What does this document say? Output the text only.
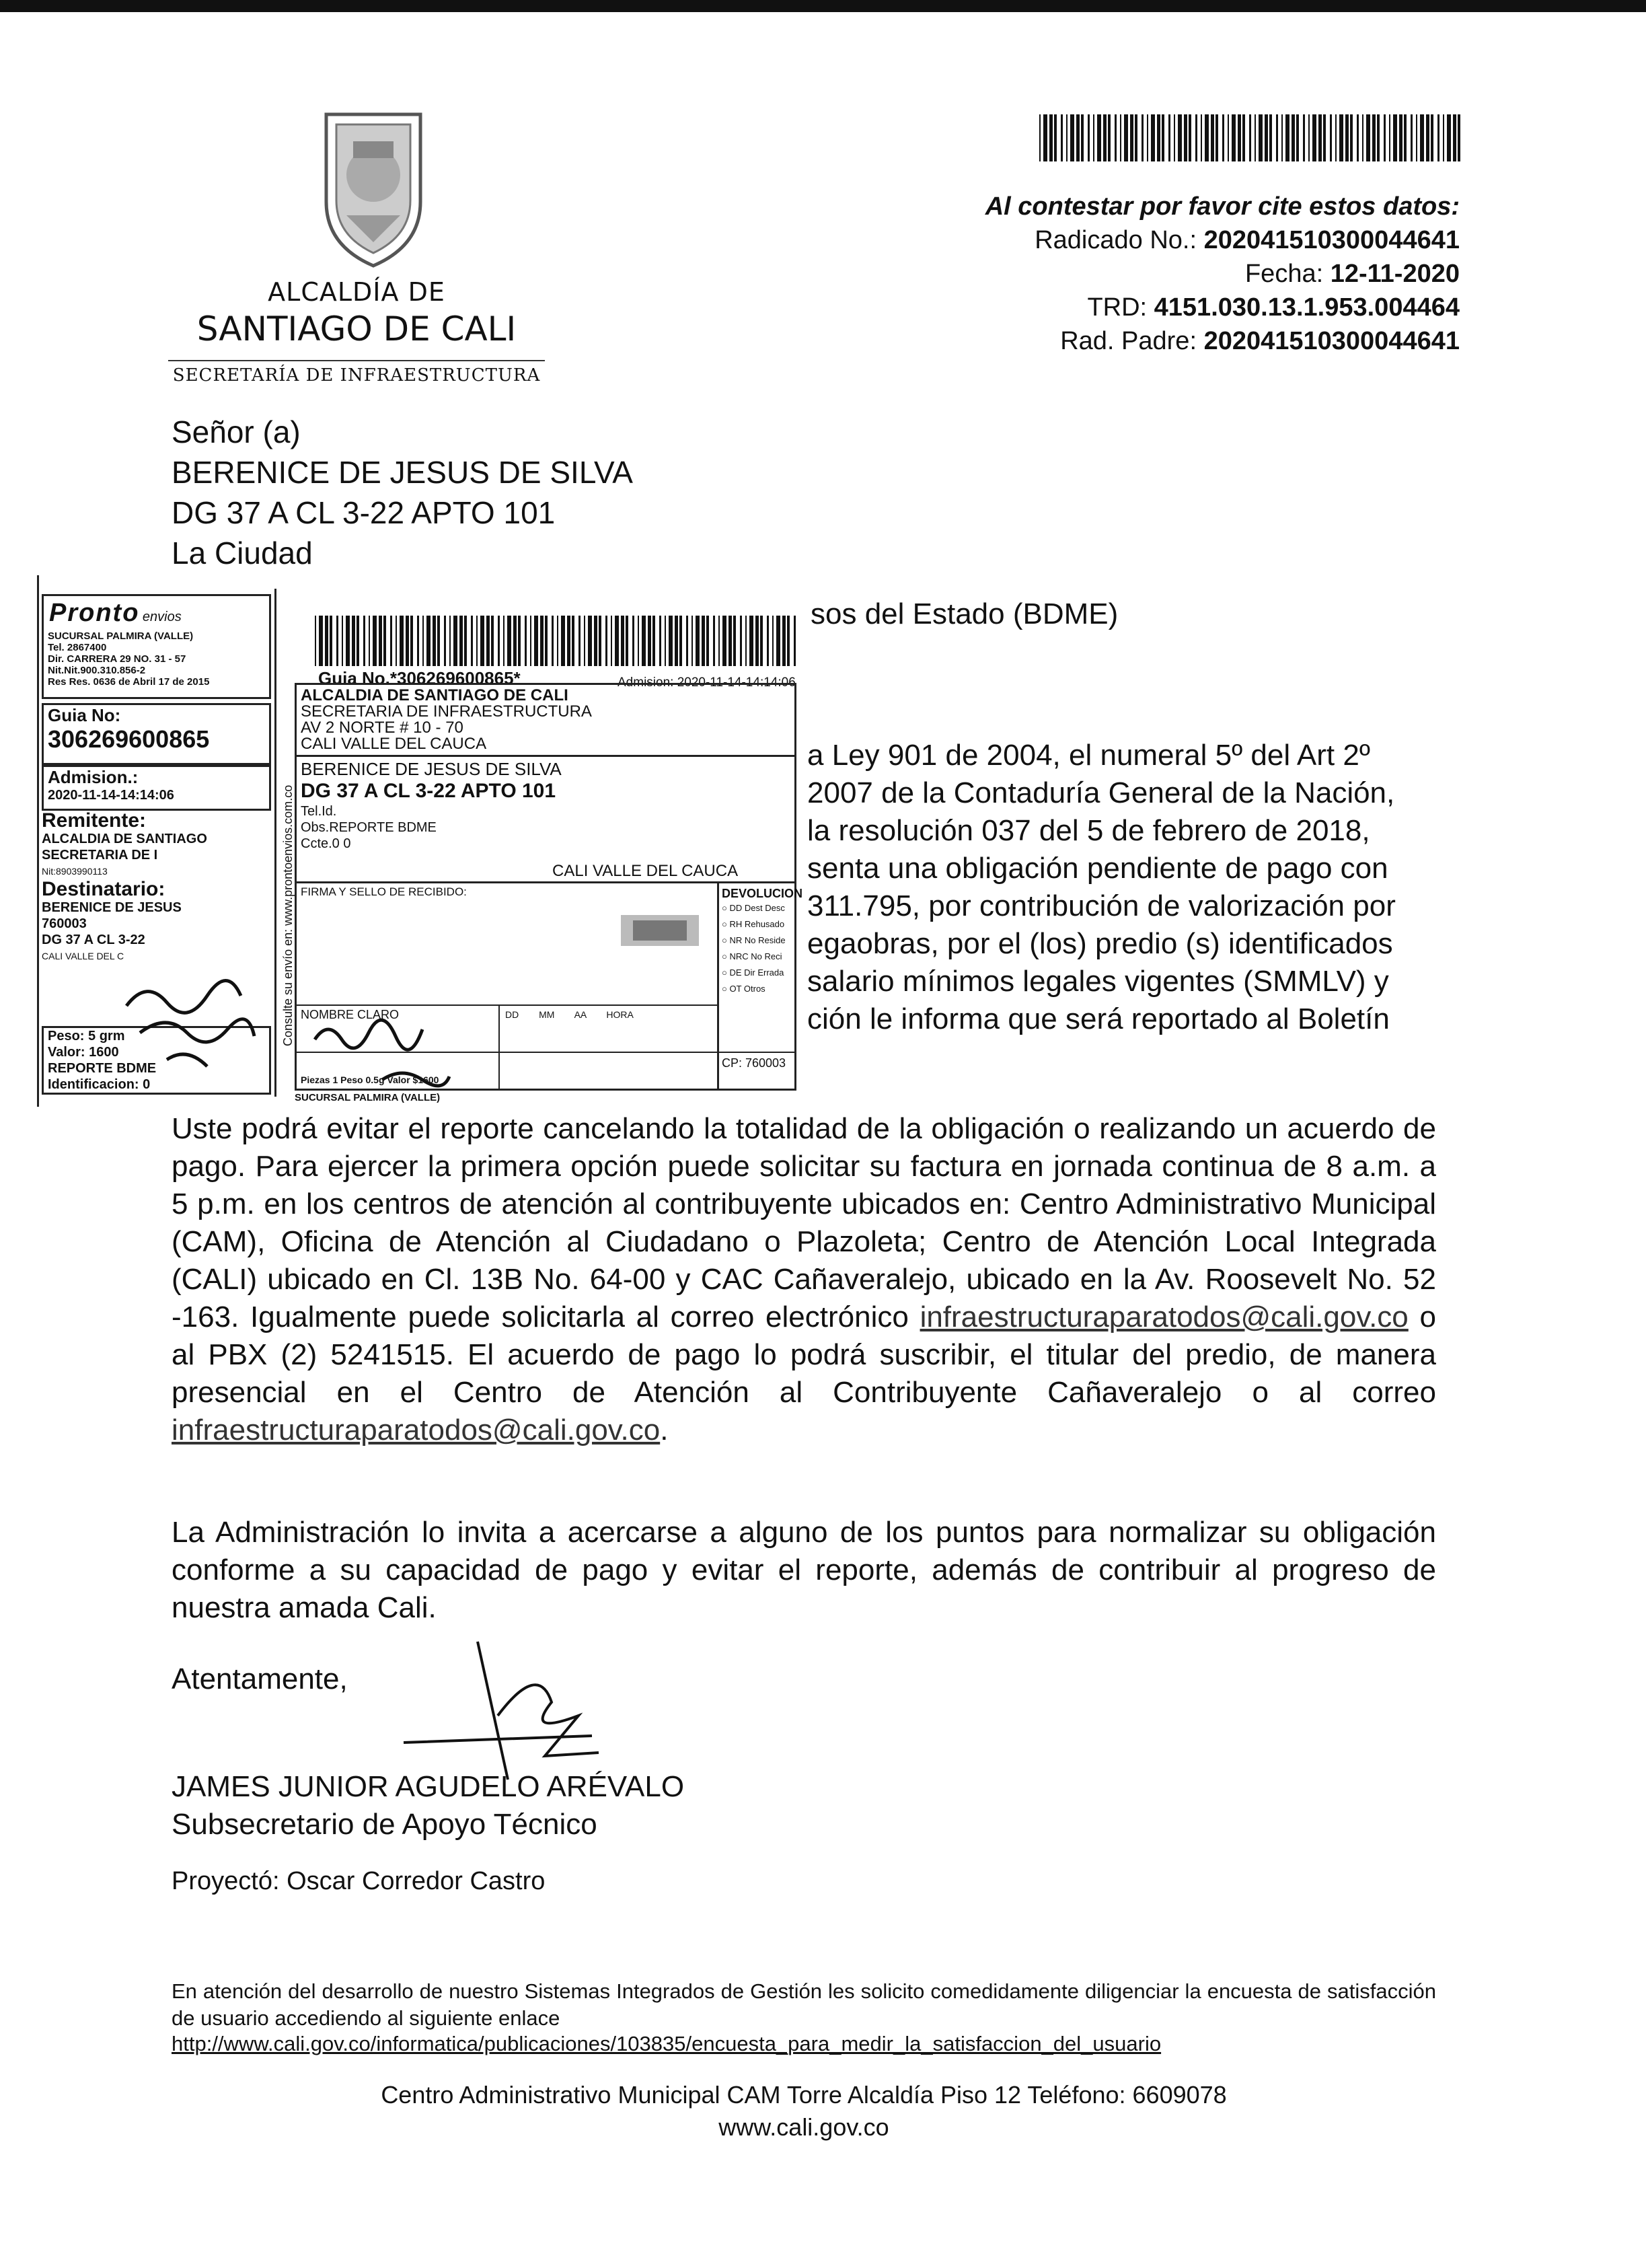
ALCALDÍA DE
SANTIAGO DE CALI
SECRETARÍA DE INFRAESTRUCTURA
Al contestar por favor cite estos datos:
Radicado No.: 202041510300044641
Fecha: 12-11-2020
TRD: 4151.030.13.1.953.004464
Rad. Padre: 202041510300044641
Señor (a)
BERENICE DE JESUS DE SILVA
DG 37 A CL 3-22 APTO 101
La Ciudad
sos del Estado (BDME)
a Ley 901 de 2004, el numeral 5º del Art 2º
2007 de la Contaduría General de la Nación,
la resolución 037 del 5 de febrero de 2018,
senta una obligación pendiente de pago con
311.795, por contribución de valorización por
egaobras, por el (los) predio (s) identificados
salario mínimos legales vigentes (SMMLV) y
ción le informa que será reportado al Boletín
Pronto envios
SUCURSAL PALMIRA (VALLE)
Tel. 2867400
Dir. CARRERA 29 NO. 31 - 57
Nit.Nit.900.310.856-2
Res Res. 0636 de Abril 17 de 2015
Guia No:
306269600865
Admision.:
2020-11-14-14:14:06
Remitente:
ALCALDIA DE SANTIAGO
SECRETARIA DE I
Nit:8903990113
Destinatario:
BERENICE DE JESUS
760003
DG 37 A CL 3-22
CALI VALLE DEL C
Peso: 5 grm
Valor: 1600
REPORTE BDME
Identificacion: 0
Consulte su envío en: www.prontoenvios.com.co
Guia No.*306269600865*	Admision: 2020-11-14-14:14:06
ALCALDIA DE SANTIAGO DE CALI
SECRETARIA DE INFRAESTRUCTURA
AV 2 NORTE # 10 - 70
CALI VALLE DEL CAUCA
BERENICE DE JESUS DE SILVA
DG 37 A CL 3-22 APTO 101
Tel.Id.
Obs.REPORTE BDME
Ccte.0 0
CALI VALLE DEL CAUCA
FIRMA Y SELLO DE RECIBIDO:	DEVOLUCION
○ DD Dest Desc
○ RH Rehusado
○ NR No Reside
○ NRC No Reci
○ DE Dir Errada
○ OT Otros
NOMBRE CLARO	DD MM AA HORA
CP: 760003
Piezas 1 Peso 0.5g Valor $1600
SUCURSAL PALMIRA (VALLE)
Uste podrá evitar el reporte cancelando la totalidad de la obligación o realizando un acuerdo de pago. Para ejercer la primera opción puede solicitar su factura en jornada continua de 8 a.m. a 5 p.m. en los centros de atención al contribuyente ubicados en: Centro Administrativo Municipal (CAM), Oficina de Atención al Ciudadano o Plazoleta; Centro de Atención Local Integrada (CALI) ubicado en Cl. 13B No. 64-00 y CAC Cañaveralejo, ubicado en la Av. Roosevelt No. 52 -163. Igualmente puede solicitarla al correo electrónico infraestructuraparatodos@cali.gov.co o al PBX (2) 5241515. El acuerdo de pago lo podrá suscribir, el titular del predio, de manera presencial en el Centro de Atención al Contribuyente Cañaveralejo o al correo infraestructuraparatodos@cali.gov.co.
La Administración lo invita a acercarse a alguno de los puntos para normalizar su obligación conforme a su capacidad de pago y evitar el reporte, además de contribuir al progreso de nuestra amada Cali.
Atentamente,
JAMES JUNIOR AGUDELO ARÉVALO
Subsecretario de Apoyo Técnico
Proyectó: Oscar Corredor Castro
En atención del desarrollo de nuestro Sistemas Integrados de Gestión les solicito comedidamente diligenciar la encuesta de satisfacción de usuario accediendo al siguiente enlace
http://www.cali.gov.co/informatica/publicaciones/103835/encuesta_para_medir_la_satisfaccion_del_usuario
Centro Administrativo Municipal CAM Torre Alcaldía Piso 12 Teléfono: 6609078
www.cali.gov.co
